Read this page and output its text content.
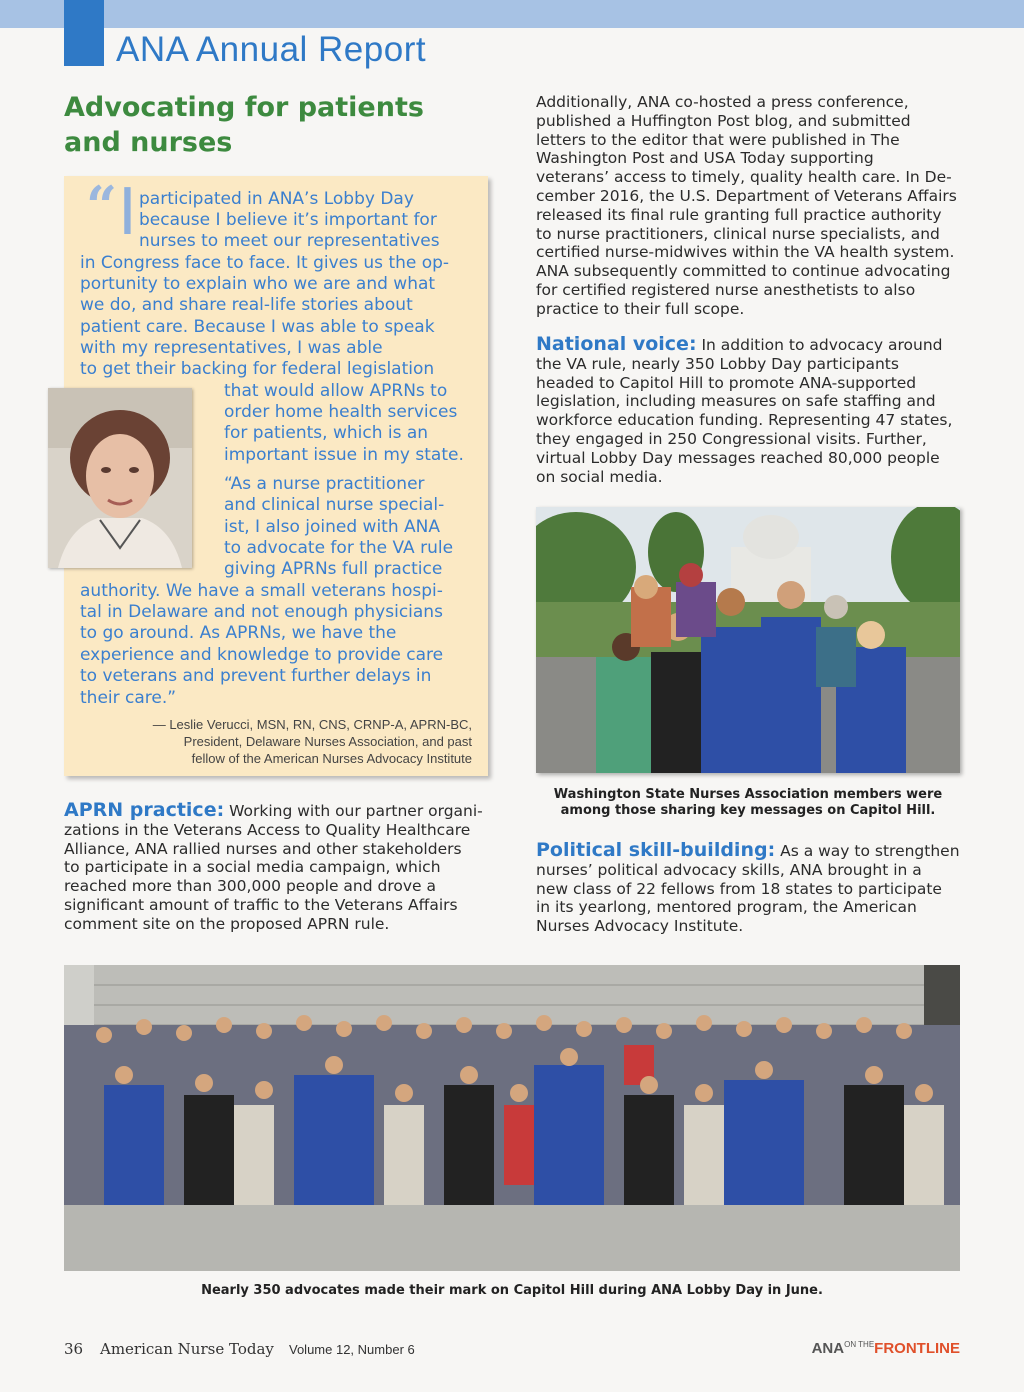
ANA Annual Report
Advocating for patients
and nurses
“ I participated in ANA’s Lobby Day
because I believe it’s important for
nurses to meet our representatives
in Congress face to face. It gives us the op-
portunity to explain who we are and what
we do, and share real-life stories about
patient care. Because I was able to speak
with my representatives, I was able
to get their backing for federal legislation
that would allow APRNs to
order home health services
for patients, which is an
important issue in my state.
“As a nurse practitioner
and clinical nurse special-
ist, I also joined with ANA
to advocate for the VA rule
giving APRNs full practice
authority. We have a small veterans hospi-
tal in Delaware and not enough physicians
to go around. As APRNs, we have the
experience and knowledge to provide care
to veterans and prevent further delays in
their care.”
— Leslie Verucci, MSN, RN, CNS, CRNP-A, APRN-BC,
President, Delaware Nurses Association, and past
fellow of the American Nurses Advocacy Institute
Additionally, ANA co-hosted a press conference,
published a Huffington Post blog, and submitted
letters to the editor that were published in The
Washington Post and USA Today supporting
veterans’ access to timely, quality health care. In De-
cember 2016, the U.S. Department of Veterans Affairs
released its final rule granting full practice authority
to nurse practitioners, clinical nurse specialists, and
certified nurse-midwives within the VA health system.
ANA subsequently committed to continue advocating
for certified registered nurse anesthetists to also
practice to their full scope.
National voice: In addition to advocacy around
the VA rule, nearly 350 Lobby Day participants
headed to Capitol Hill to promote ANA-supported
legislation, including measures on safe staffing and
workforce education funding. Representing 47 states,
they engaged in 250 Congressional visits. Further,
virtual Lobby Day messages reached 80,000 people
on social media.
Washington State Nurses Association members were
among those sharing key messages on Capitol Hill.
APRN practice: Working with our partner organi-
zations in the Veterans Access to Quality Healthcare
Alliance, ANA rallied nurses and other stakeholders
to participate in a social media campaign, which
reached more than 300,000 people and drove a
significant amount of traffic to the Veterans Affairs
comment site on the proposed APRN rule.
Political skill-building: As a way to strengthen
nurses’ political advocacy skills, ANA brought in a
new class of 22 fellows from 18 states to participate
in its yearlong, mentored program, the American
Nurses Advocacy Institute.
Nearly 350 advocates made their mark on Capitol Hill during ANA Lobby Day in June.
36 American Nurse Today Volume 12, Number 6	$ANA^{ON THE}FRONTLINE$
